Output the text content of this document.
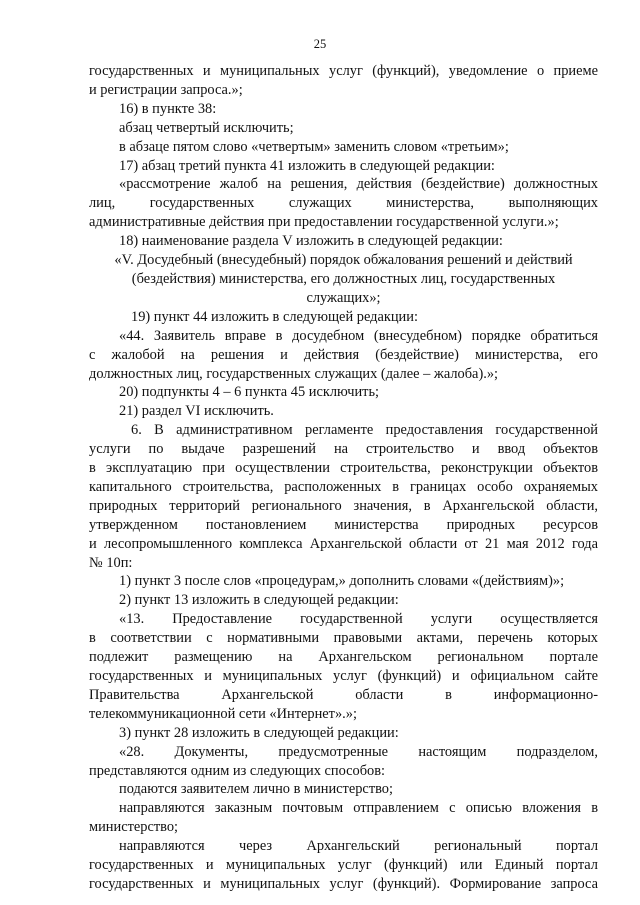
25

государственных и муниципальных услуг (функций), уведомление о приеме

и регистрации запроса.»;

16) в пункте 38:

абзац четвертый исключить;

в абзаце пятом слово «четвертым» заменить словом «третьим»;

17) абзац третий пункта 41 изложить в следующей редакции:

«рассмотрение жалоб на решения, действия (бездействие) должностных

лиц, государственных служащих министерства, выполняющих

административные действия при предоставлении государственной услуги.»;

18) наименование раздела V изложить в следующей редакции:

«V. Досудебный (внесудебный) порядок обжалования решений и действий

(бездействия) министерства, его должностных лиц, государственных

служащих»;

19) пункт 44 изложить в следующей редакции:

«44. Заявитель вправе в досудебном (внесудебном) порядке обратиться

с жалобой на решения и действия (бездействие) министерства, его

должностных лиц, государственных служащих (далее – жалоба).»;

20) подпункты 4 – 6 пункта 45 исключить;

21) раздел VI исключить.

6. В административном регламенте предоставления государственной

услуги по выдаче разрешений на строительство и ввод объектов

в эксплуатацию при осуществлении строительства, реконструкции объектов

капитального строительства, расположенных в границах особо охраняемых

природных территорий регионального значения, в Архангельской области,

утвержденном постановлением министерства природных ресурсов

и лесопромышленного комплекса Архангельской области от 21 мая 2012 года

№ 10п:

1) пункт 3 после слов «процедурам,» дополнить словами «(действиям)»;

2) пункт 13 изложить в следующей редакции:

«13. Предоставление государственной услуги осуществляется

в соответствии с нормативными правовыми актами, перечень которых

подлежит размещению на Архангельском региональном портале

государственных и муниципальных услуг (функций) и официальном сайте

Правительства Архангельской области в информационно-

телекоммуникационной сети «Интернет».»;

3) пункт 28 изложить в следующей редакции:

«28. Документы, предусмотренные настоящим подразделом,

представляются одним из следующих способов:

подаются заявителем лично в министерство;

направляются заказным почтовым отправлением с описью вложения в

министерство;

направляются через Архангельский региональный портал

государственных и муниципальных услуг (функций) или Единый портал

государственных и муниципальных услуг (функций). Формирование запроса
